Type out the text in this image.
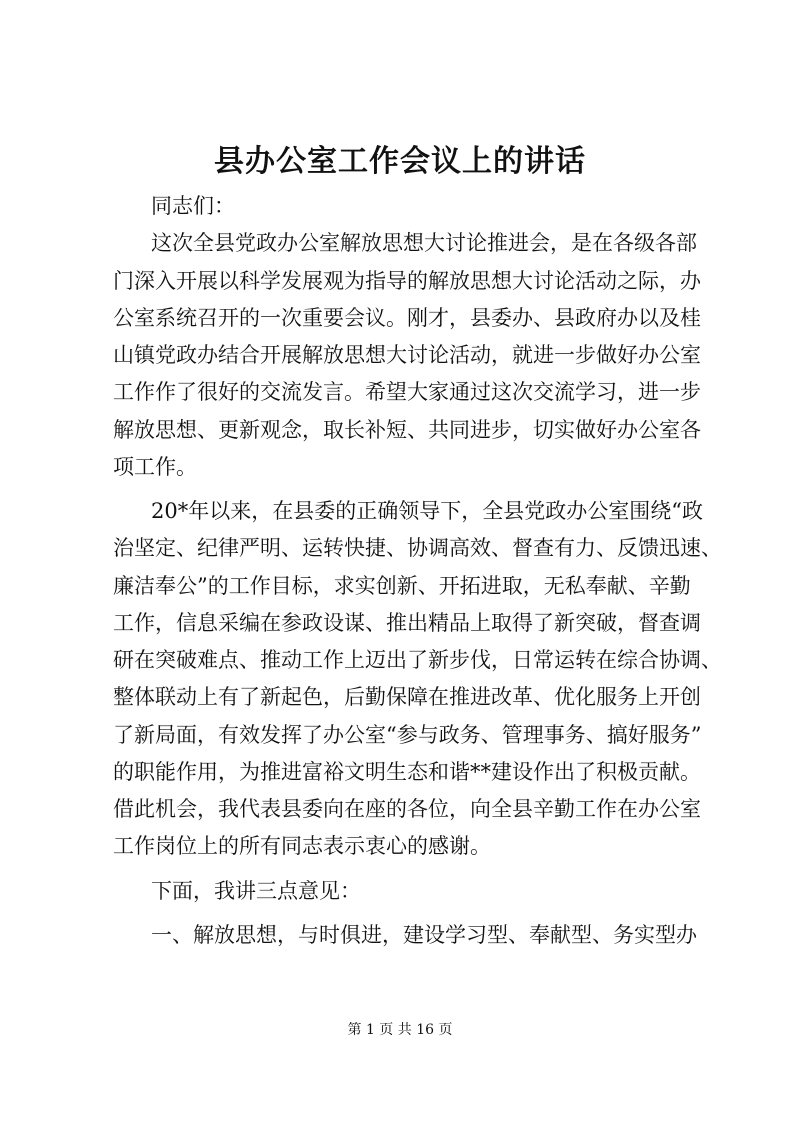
县办公室工作会议上的讲话
同志们：
这次全县党政办公室解放思想大讨论推进会，是在各级各部
门深入开展以科学发展观为指导的解放思想大讨论活动之际，办
公室系统召开的一次重要会议。刚才，县委办、县政府办以及桂
山镇党政办结合开展解放思想大讨论活动，就进一步做好办公室
工作作了很好的交流发言。希望大家通过这次交流学习，进一步
解放思想、更新观念，取长补短、共同进步，切实做好办公室各
项工作。
20*年以来，在县委的正确领导下，全县党政办公室围绕“政
治坚定、纪律严明、运转快捷、协调高效、督查有力、反馈迅速、
廉洁奉公”的工作目标，求实创新、开拓进取，无私奉献、辛勤
工作，信息采编在参政设谋、推出精品上取得了新突破，督查调
研在突破难点、推动工作上迈出了新步伐，日常运转在综合协调、
整体联动上有了新起色，后勤保障在推进改革、优化服务上开创
了新局面，有效发挥了办公室“参与政务、管理事务、搞好服务”
的职能作用，为推进富裕文明生态和谐**建设作出了积极贡献。
借此机会，我代表县委向在座的各位，向全县辛勤工作在办公室
工作岗位上的所有同志表示衷心的感谢。
下面，我讲三点意见：
一、解放思想，与时俱进，建设学习型、奉献型、务实型办
第 1 页 共 16 页
